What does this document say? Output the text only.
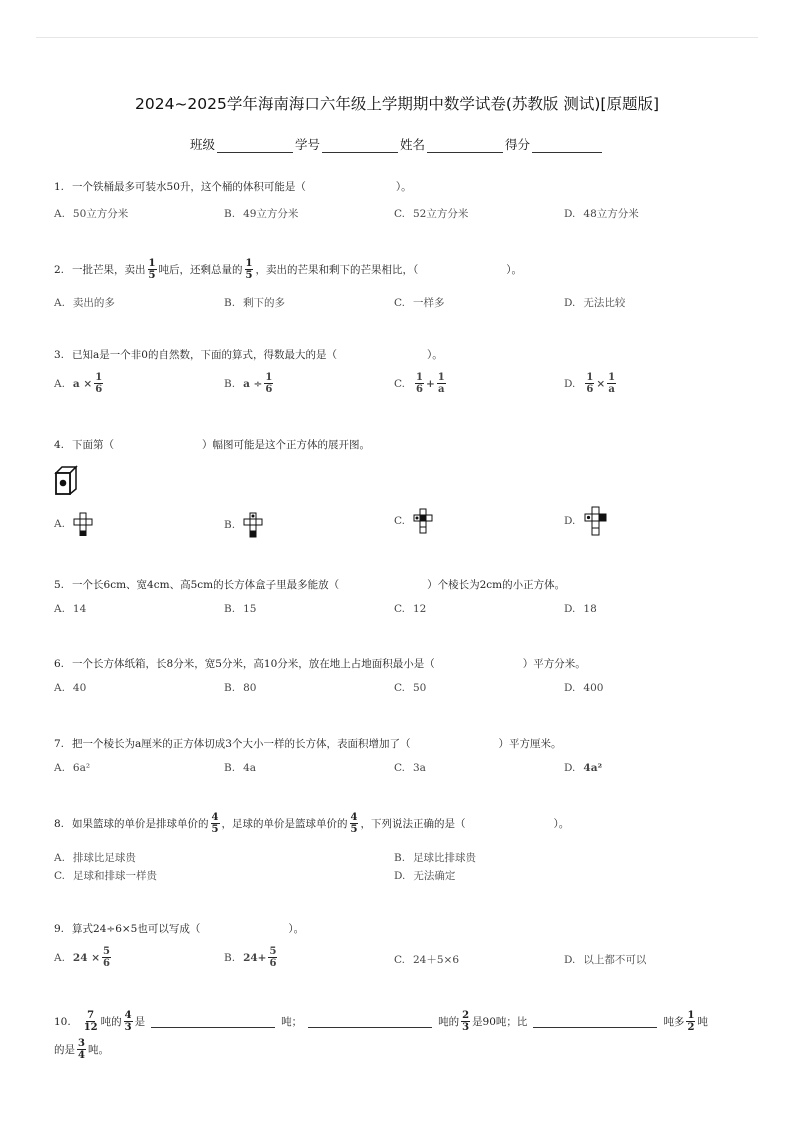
2024~2025学年海南海口六年级上学期期中数学试卷(苏教版 测试)[原题版]
班级	学号	姓名	得分
1. 一个铁桶最多可装水50升，这个桶的体积可能是（	）。
A. 50立方分米	B. 49立方分米	C. 52立方分米	D. 48立方分米
2. 一批芒果，卖出 $\frac{1}{5}$ 吨后，还剩总量的 $\frac{1}{5}$ ，卖出的芒果和剩下的芒果相比，（	）。
A. 卖出的多	B. 剩下的多	C. 一样多	D. 无法比较
3. 已知a是一个非0的自然数，下面的算式，得数最大的是（	）。
A. $a \times \frac{1}{6}$	B. $a \div \frac{1}{6}$	C. $\frac{1}{6} + \frac{1}{a}$	D. $\frac{1}{6} \times \frac{1}{a}$
4. 下面第（	）幅图可能是这个正方体的展开图。
A.	B.	C.	D.
5. 一个长6cm、宽4cm、高5cm的长方体盒子里最多能放（	）个棱长为2cm的小正方体。
A. 14	B. 15	C. 12	D. 18
6. 一个长方体纸箱，长8分米，宽5分米，高10分米，放在地上占地面积最小是（	）平方分米。
A. 40	B. 80	C. 50	D. 400
7. 把一个棱长为a厘米的正方体切成3个大小一样的长方体，表面积增加了（	）平方厘米。
A. 6a²	B. 4a	C. 3a	D. 4a²
8. 如果篮球的单价是排球单价的 $\frac{4}{5}$ ，足球的单价是篮球单价的 $\frac{4}{5}$ ，下列说法正确的是（	）。
A. 排球比足球贵	B. 足球比排球贵
C. 足球和排球一样贵	D. 无法确定
9. 算式24÷6×5也可以写成（	）。
A. $24 \times \frac{5}{6}$	B. $24+ \frac{5}{6}$	C. 24＋5×6	D. 以上都不可以
10. $\frac{7}{12}$ 吨的 $\frac{4}{3}$ 是	吨；	吨的 $\frac{2}{3}$ 是90吨；比	吨多 $\frac{1}{2}$ 吨
的是 $\frac{3}{4}$ 吨。
